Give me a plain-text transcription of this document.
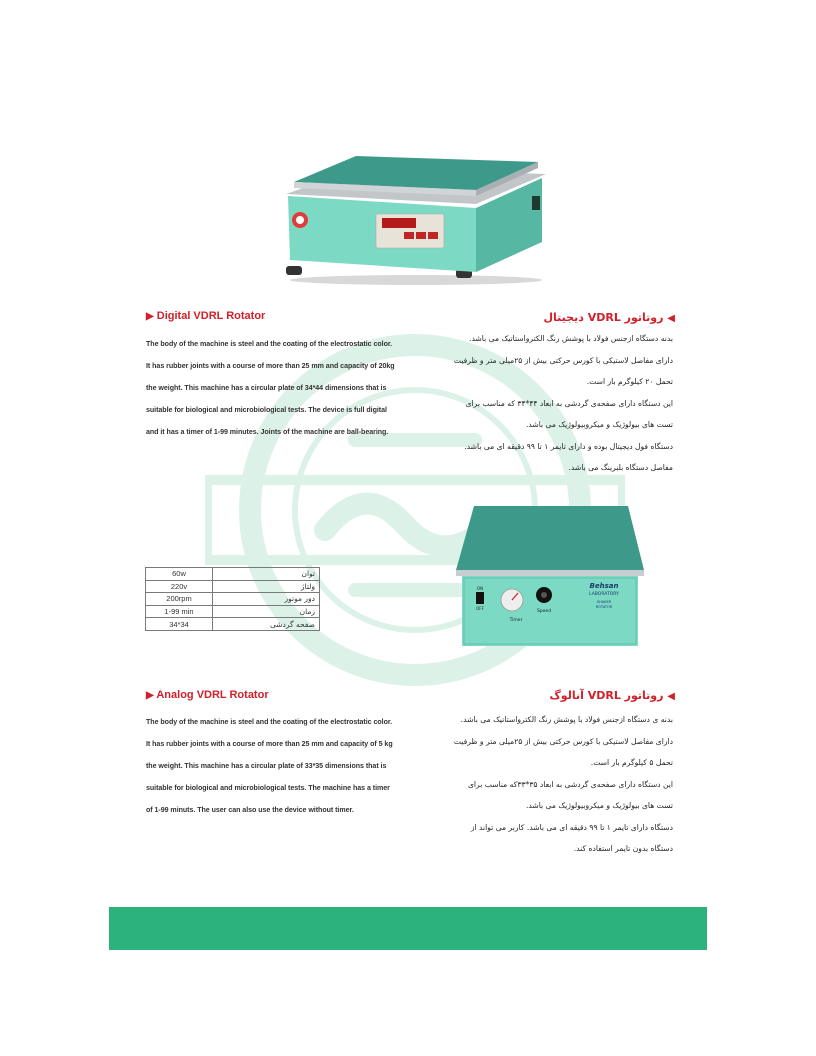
▶ Digital VDRL Rotator	◀ روتاتور VDRL دیجیتال

The body of the machine is steel and the coating of the electrostatic color.

It has rubber joints with a course of more than 25 mm and capacity of 20kg

the weight. This machine has a circular plate of 34*44 dimensions that is

suitable for biological and microbiological tests. The device is full digital

and it has a timer of 1-99 minutes. Joints of the machine are ball-bearing.

بدنه دستگاه ازجنس فولاد با پوشش رنگ الکترواستاتیک می باشد.

دارای مفاصل لاستیکی با کورس حرکتی بیش از ۲۵میلی متر و ظرفیت

تحمل ۲۰ کیلوگرم بار است.

این دستگاه دارای صفحه‌ی گردشی به ابعاد ۴۴*۳۴ که مناسب برای

تست های بیولوژیک و میکروبیولوژیک می باشد.

دستگاه فول دیجیتال بوده و دارای تایمر ۱ تا ۹۹ دقیقه ای می باشد.

مفاصل دستگاه بلبرینگ می باشد.

60w	توان
220v	ولتاژ
200rpm	دور موتور
1-99 min	زمان
34*34	صفحه گردشی
ON
OFF
Timer
Speed
Behsan
LABORATORY
SHAKER
ROTATOR
▶ Analog VDRL Rotator	◀ روتاتور VDRL آنالوگ

The body of the machine is steel and the coating of the electrostatic color.

It has rubber joints with a course of more than 25 mm and capacity of 5 kg

the weight. This machine has a circular plate of 33*35 dimensions that is

suitable for biological and microbiological tests. The machine has a timer

of 1-99 minuts. The user can also use the device without timer.

بدنه ی دستگاه ازجنس فولاد با پوشش رنگ الکترواستاتیک می باشد.

دارای مفاصل لاستیکی با کورس حرکتی بیش از ۲۵میلی متر و ظرفیت

تحمل ۵ کیلوگرم بار است.

این دستگاه دارای صفحه‌ی گردشی به ابعاد ۳۵*۳۳که مناسب برای

تست های بیولوژیک و میکروبیولوژیک می باشد.

دستگاه دارای تایمر ۱ تا ۹۹ دقیقه ای می باشد. کاربر می تواند از

دستگاه بدون تایمر استفاده کند.
